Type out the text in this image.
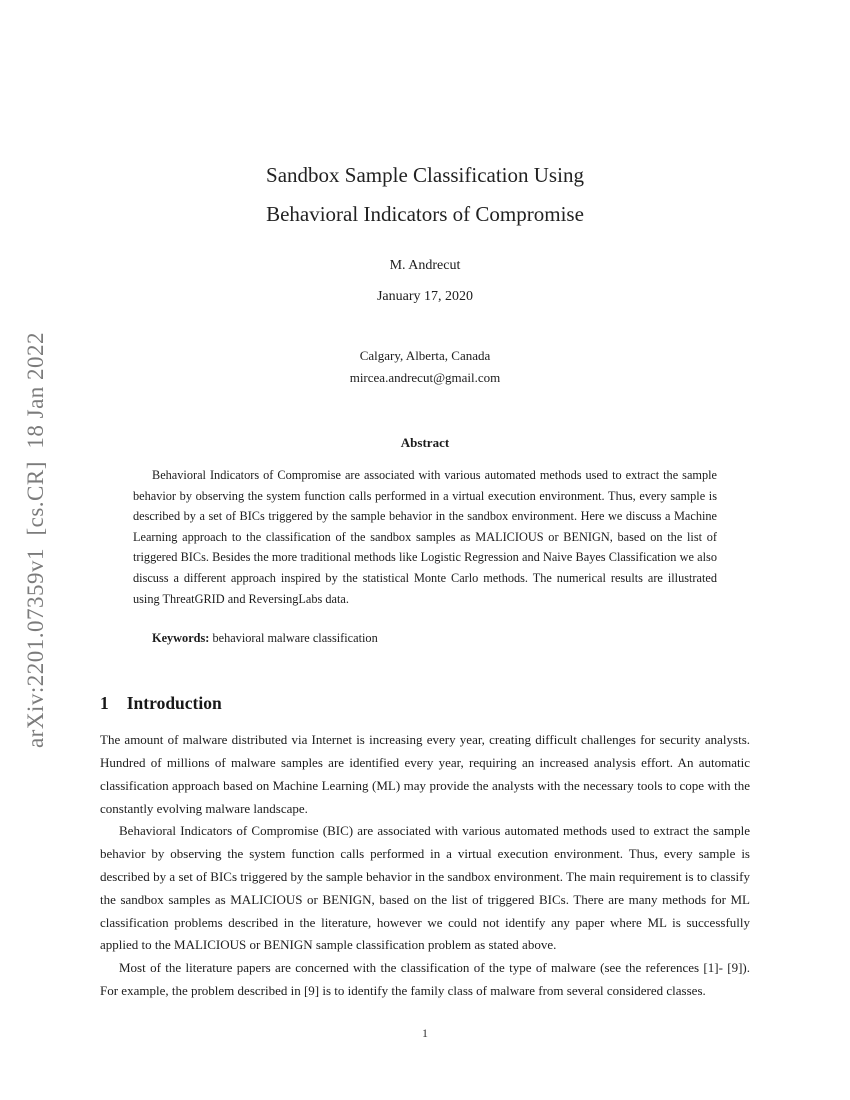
arXiv:2201.07359v1  [cs.CR]  18 Jan 2022
Sandbox Sample Classification Using
Behavioral Indicators of Compromise
M. Andrecut
January 17, 2020
Calgary, Alberta, Canada
mircea.andrecut@gmail.com
Abstract

Behavioral Indicators of Compromise are associated with various automated methods used to extract the sample behavior by observing the system function calls performed in a virtual execution environment. Thus, every sample is described by a set of BICs triggered by the sample behavior in the sandbox environment. Here we discuss a Machine Learning approach to the classification of the sandbox samples as MALICIOUS or BENIGN, based on the list of triggered BICs. Besides the more traditional methods like Logistic Regression and Naive Bayes Classification we also discuss a different approach inspired by the statistical Monte Carlo methods. The numerical results are illustrated using ThreatGRID and ReversingLabs data.

Keywords: behavioral malware classification

1 Introduction

The amount of malware distributed via Internet is increasing every year, creating difficult challenges for security analysts. Hundred of millions of malware samples are identified every year, requiring an increased analysis effort. An automatic classification approach based on Machine Learning (ML) may provide the analysts with the necessary tools to cope with the constantly evolving malware landscape.

Behavioral Indicators of Compromise (BIC) are associated with various automated methods used to extract the sample behavior by observing the system function calls performed in a virtual execution environment. Thus, every sample is described by a set of BICs triggered by the sample behavior in the sandbox environment. The main requirement is to classify the sandbox samples as MALICIOUS or BENIGN, based on the list of triggered BICs. There are many methods for ML classification problems described in the literature, however we could not identify any paper where ML is successfully applied to the MALICIOUS or BENIGN sample classification problem as stated above.

Most of the literature papers are concerned with the classification of the type of malware (see the references [1]- [9]). For example, the problem described in [9] is to identify the family class of malware from several considered classes.

1
